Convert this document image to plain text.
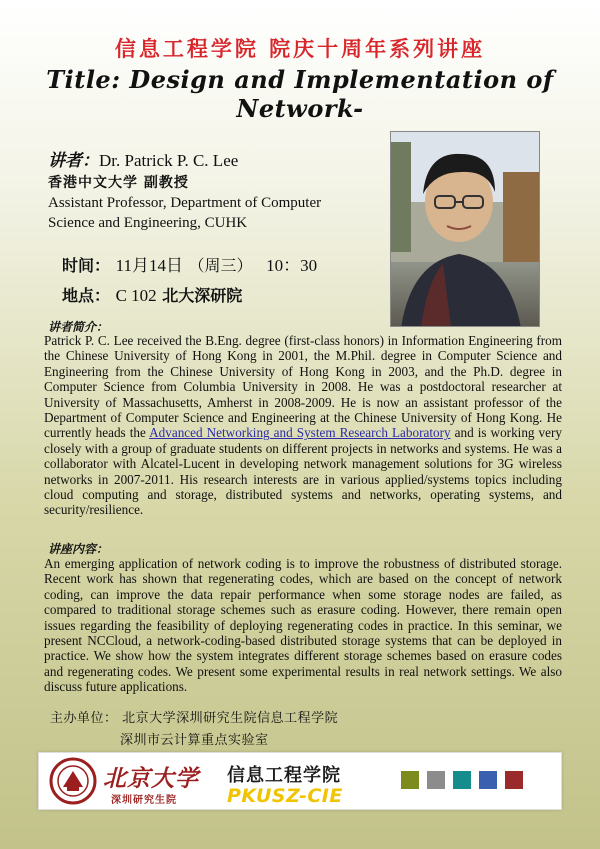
信息工程学院 院庆十周年系列讲座
Title: Design and Implementation of
Network-
讲者：Dr. Patrick P. C. Lee
香港中文大学 副教授
Assistant Professor, Department of Computer
Science and Engineering, CUHK
时间： 11月14日 （周三） 10：30
地点： C 102 北大深研院
讲者简介：
Patrick P. C. Lee received the B.Eng. degree (first-class honors) in Information Engineering from the Chinese University of Hong Kong in 2001, the M.Phil. degree in Computer Science and Engineering from the Chinese University of Hong Kong in 2003, and the Ph.D. degree in Computer Science from Columbia University in 2008. He was a postdoctoral researcher at University of Massachusetts, Amherst in 2008-2009. He is now an assistant professor of the Department of Computer Science and Engineering at the Chinese University of Hong Kong. He currently heads the Advanced Networking and System Research Laboratory and is working very closely with a group of graduate students on different projects in networks and systems. He was a collaborator with Alcatel-Lucent in developing network management solutions for 3G wireless networks in 2007-2011. His research interests are in various applied/systems topics including cloud computing and storage, distributed systems and networks, operating systems, and security/resilience.
讲座内容：
An emerging application of network coding is to improve the robustness of distributed storage. Recent work has shown that regenerating codes, which are based on the concept of network coding, can improve the data repair performance when some storage nodes are failed, as compared to traditional storage schemes such as erasure coding. However, there remain open issues regarding the feasibility of deploying regenerating codes in practice. In this seminar, we present NCCloud, a network-coding-based distributed storage systems that can be deployed in practice. We show how the system integrates different storage schemes based on erasure codes and regenerating codes. We present some experimental results in real network settings. We also discuss future applications.
主办单位： 北京大学深圳研究生院信息工程学院
深圳市云计算重点实验室
北京大学
深圳研究生院
信息工程学院
PKUSZ-CIE
